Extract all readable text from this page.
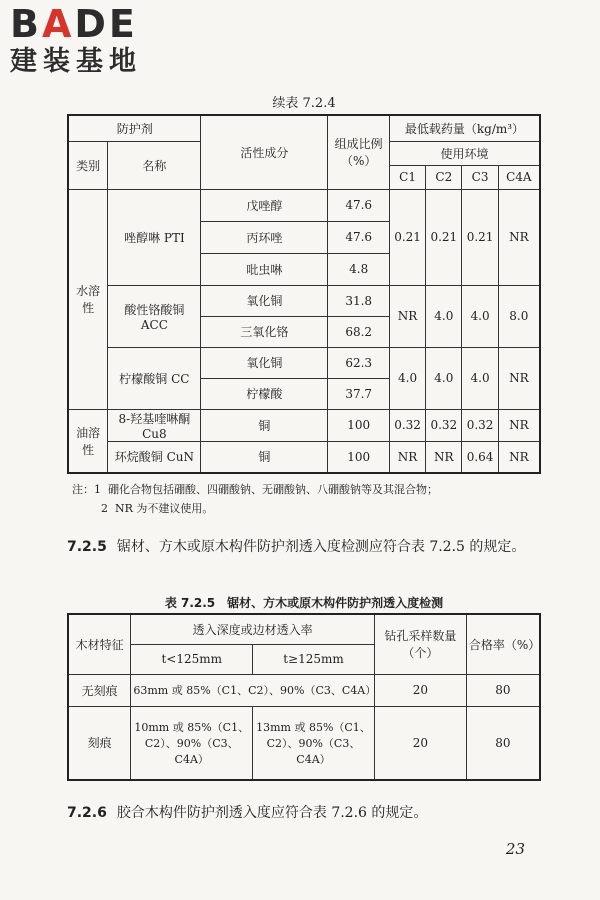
BADE
建装基地
续表 7.2.4
防护剂		活性成分	组成比例（%）	最低载药量（kg/m³）			
类别	名称			使用环境			
				C1	C2	C3	C4A
水溶性	唑醇啉 PTI	戊唑醇	47.6	0.21	0.21	0.21	NR
		丙环唑	47.6				
		吡虫啉	4.8				
	酸性铬酸铜 ACC	氧化铜	31.8	NR	4.0	4.0	8.0
		三氧化铬	68.2				
	柠檬酸铜 CC	氧化铜	62.3	4.0	4.0	4.0	NR
		柠檬酸	37.7				
油溶性	8-羟基喹啉酮 Cu8	铜	100	0.32	0.32	0.32	NR
	环烷酸铜 CuN	铜	100	NR	NR	0.64	NR
注：1 硼化合物包括硼酸、四硼酸钠、无硼酸钠、八硼酸钠等及其混合物；
2 NR 为不建议使用。
7.2.5 锯材、方木或原木构件防护剂透入度检测应符合表 7.2.5 的规定。
表 7.2.5　锯材、方木或原木构件防护剂透入度检测
木材特征	透入深度或边材透入率		钻孔采样数量（个）	合格率（%）
	t<125mm	t≥125mm		
无刻痕	63mm 或 85%（C1、C2）、90%（C3、C4A）		20	80
刻痕	10mm 或 85%（C1、C2）、90%（C3、C4A）	13mm 或 85%（C1、C2）、90%（C3、C4A）	20	80
7.2.6 胶合木构件防护剂透入度应符合表 7.2.6 的规定。
23
